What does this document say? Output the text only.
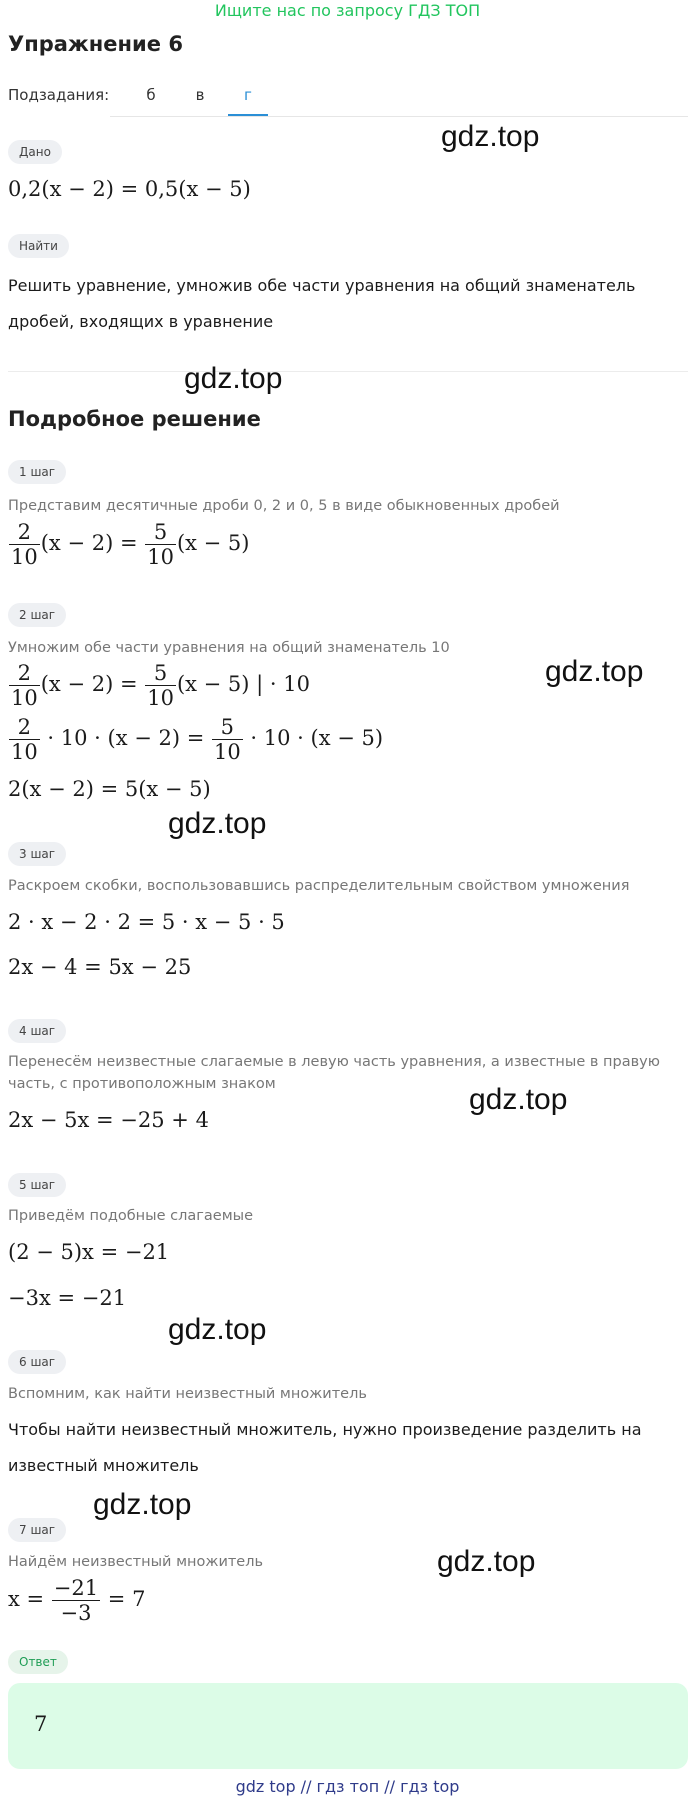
Ищите нас по запросу ГДЗ ТОП
Упражнение 6
Подзадания:	б	в	г
Дано
0,2(x − 2) = 0,5(x − 5)
Найти
Решить уравнение, умножив обе части уравнения на общий знаменатель
дробей, входящих в уравнение
Подробное решение
1 шаг
Представим десятичные дроби 0, 2 и 0, 5 в виде обыкновенных дробей
$\frac{2}{10} (x - 2) = \frac{5}{10} (x - 5)$
2 шаг
Умножим обе части уравнения на общий знаменатель 10
$\frac{2}{10} (x - 2) = \frac{5}{10} (x - 5)$ | · 10
$\frac{2}{10} \cdot 10 \cdot (x - 2) = \frac{5}{10} \cdot 10 \cdot (x - 5)$
2(x − 2) = 5(x − 5)
3 шаг
Раскроем скобки, воспользовавшись распределительным свойством умножения
2 · x − 2 · 2 = 5 · x − 5 · 5
2x − 4 = 5x − 25
4 шаг
Перенесём неизвестные слагаемые в левую часть уравнения, а известные в правую
часть, с противоположным знаком
2x − 5x = −25 + 4
5 шаг
Приведём подобные слагаемые
(2 − 5)x = −21
−3x = −21
6 шаг
Вспомним, как найти неизвестный множитель
Чтобы найти неизвестный множитель, нужно произведение разделить на
известный множитель
7 шаг
Найдём неизвестный множитель
$x = \frac{-21}{-3} = 7$
Ответ
7
gdz.top
gdz.top
gdz.top
gdz.top
gdz.top
gdz.top
gdz.top
gdz.top
gdz top // гдз топ // гдз top
